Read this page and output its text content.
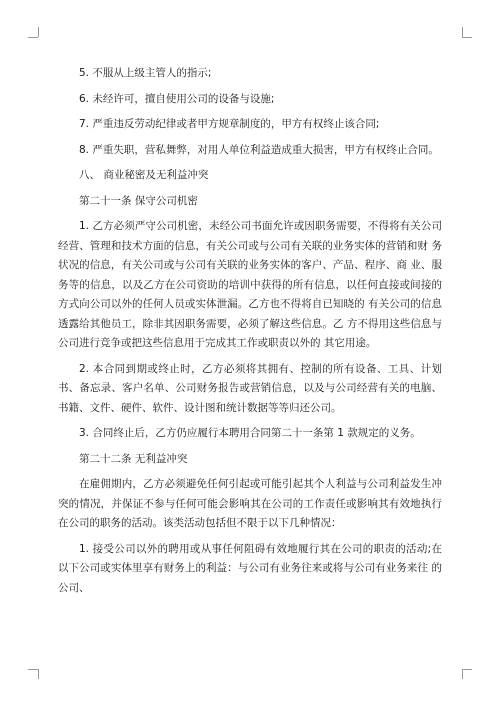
5. 不服从上级主管人的指示;

6. 未经许可，擅自使用公司的设备与设施;

7. 严重违反劳动纪律或者甲方规章制度的，甲方有权终止该合同;

8. 严重失职，营私舞弊，对用人单位利益造成重大损害，甲方有权终止合同。

八、 商业秘密及无利益冲突

第二十一条 保守公司机密

1. 乙方必须严守公司机密，未经公司书面允许或因职务需要，不得将有关公司经营、管理和技术方面的信息，有关公司或与公司有关联的业务实体的营销和财 务状况的信息，有关公司或与公司有关联的业务实体的客户、产品、程序、商 业、服务等的信息，以及乙方在公司资助的培训中获得的所有信息，以任何直接或间接的方式向公司以外的任何人员或实体泄漏。乙方也不得将自已知晓的 有关公司的信息透露给其他员工，除非其因职务需要，必须了解这些信息。乙 方不得用这些信息与公司进行竞争或把这些信息用于完成其工作或职责以外的 其它用途。

2. 本合同到期或终止时，乙方必须将其拥有、控制的所有设备、工具、计划书、备忘录、客户名单、公司财务报告或营销信息，以及与公司经营有关的电脑、书籍、文件、硬件、软件、设计图和统计数据等等归还公司。

3. 合同终止后，乙方仍应履行本聘用合同第二十一条第 1 款规定的义务。

第二十二条 无利益冲突

在雇佣期内，乙方必须避免任何引起或可能引起其个人利益与公司利益发生冲突的情况，并保证不参与任何可能会影响其在公司的工作责任或影响其有效地执行在公司的职务的活动。该类活动包括但不限于以下几种情况：

1. 接受公司以外的聘用或从事任何阻碍有效地履行其在公司的职责的活动;在以下公司或实体里享有财务上的利益：与公司有业务往来或将与公司有业务来往 的公司、
